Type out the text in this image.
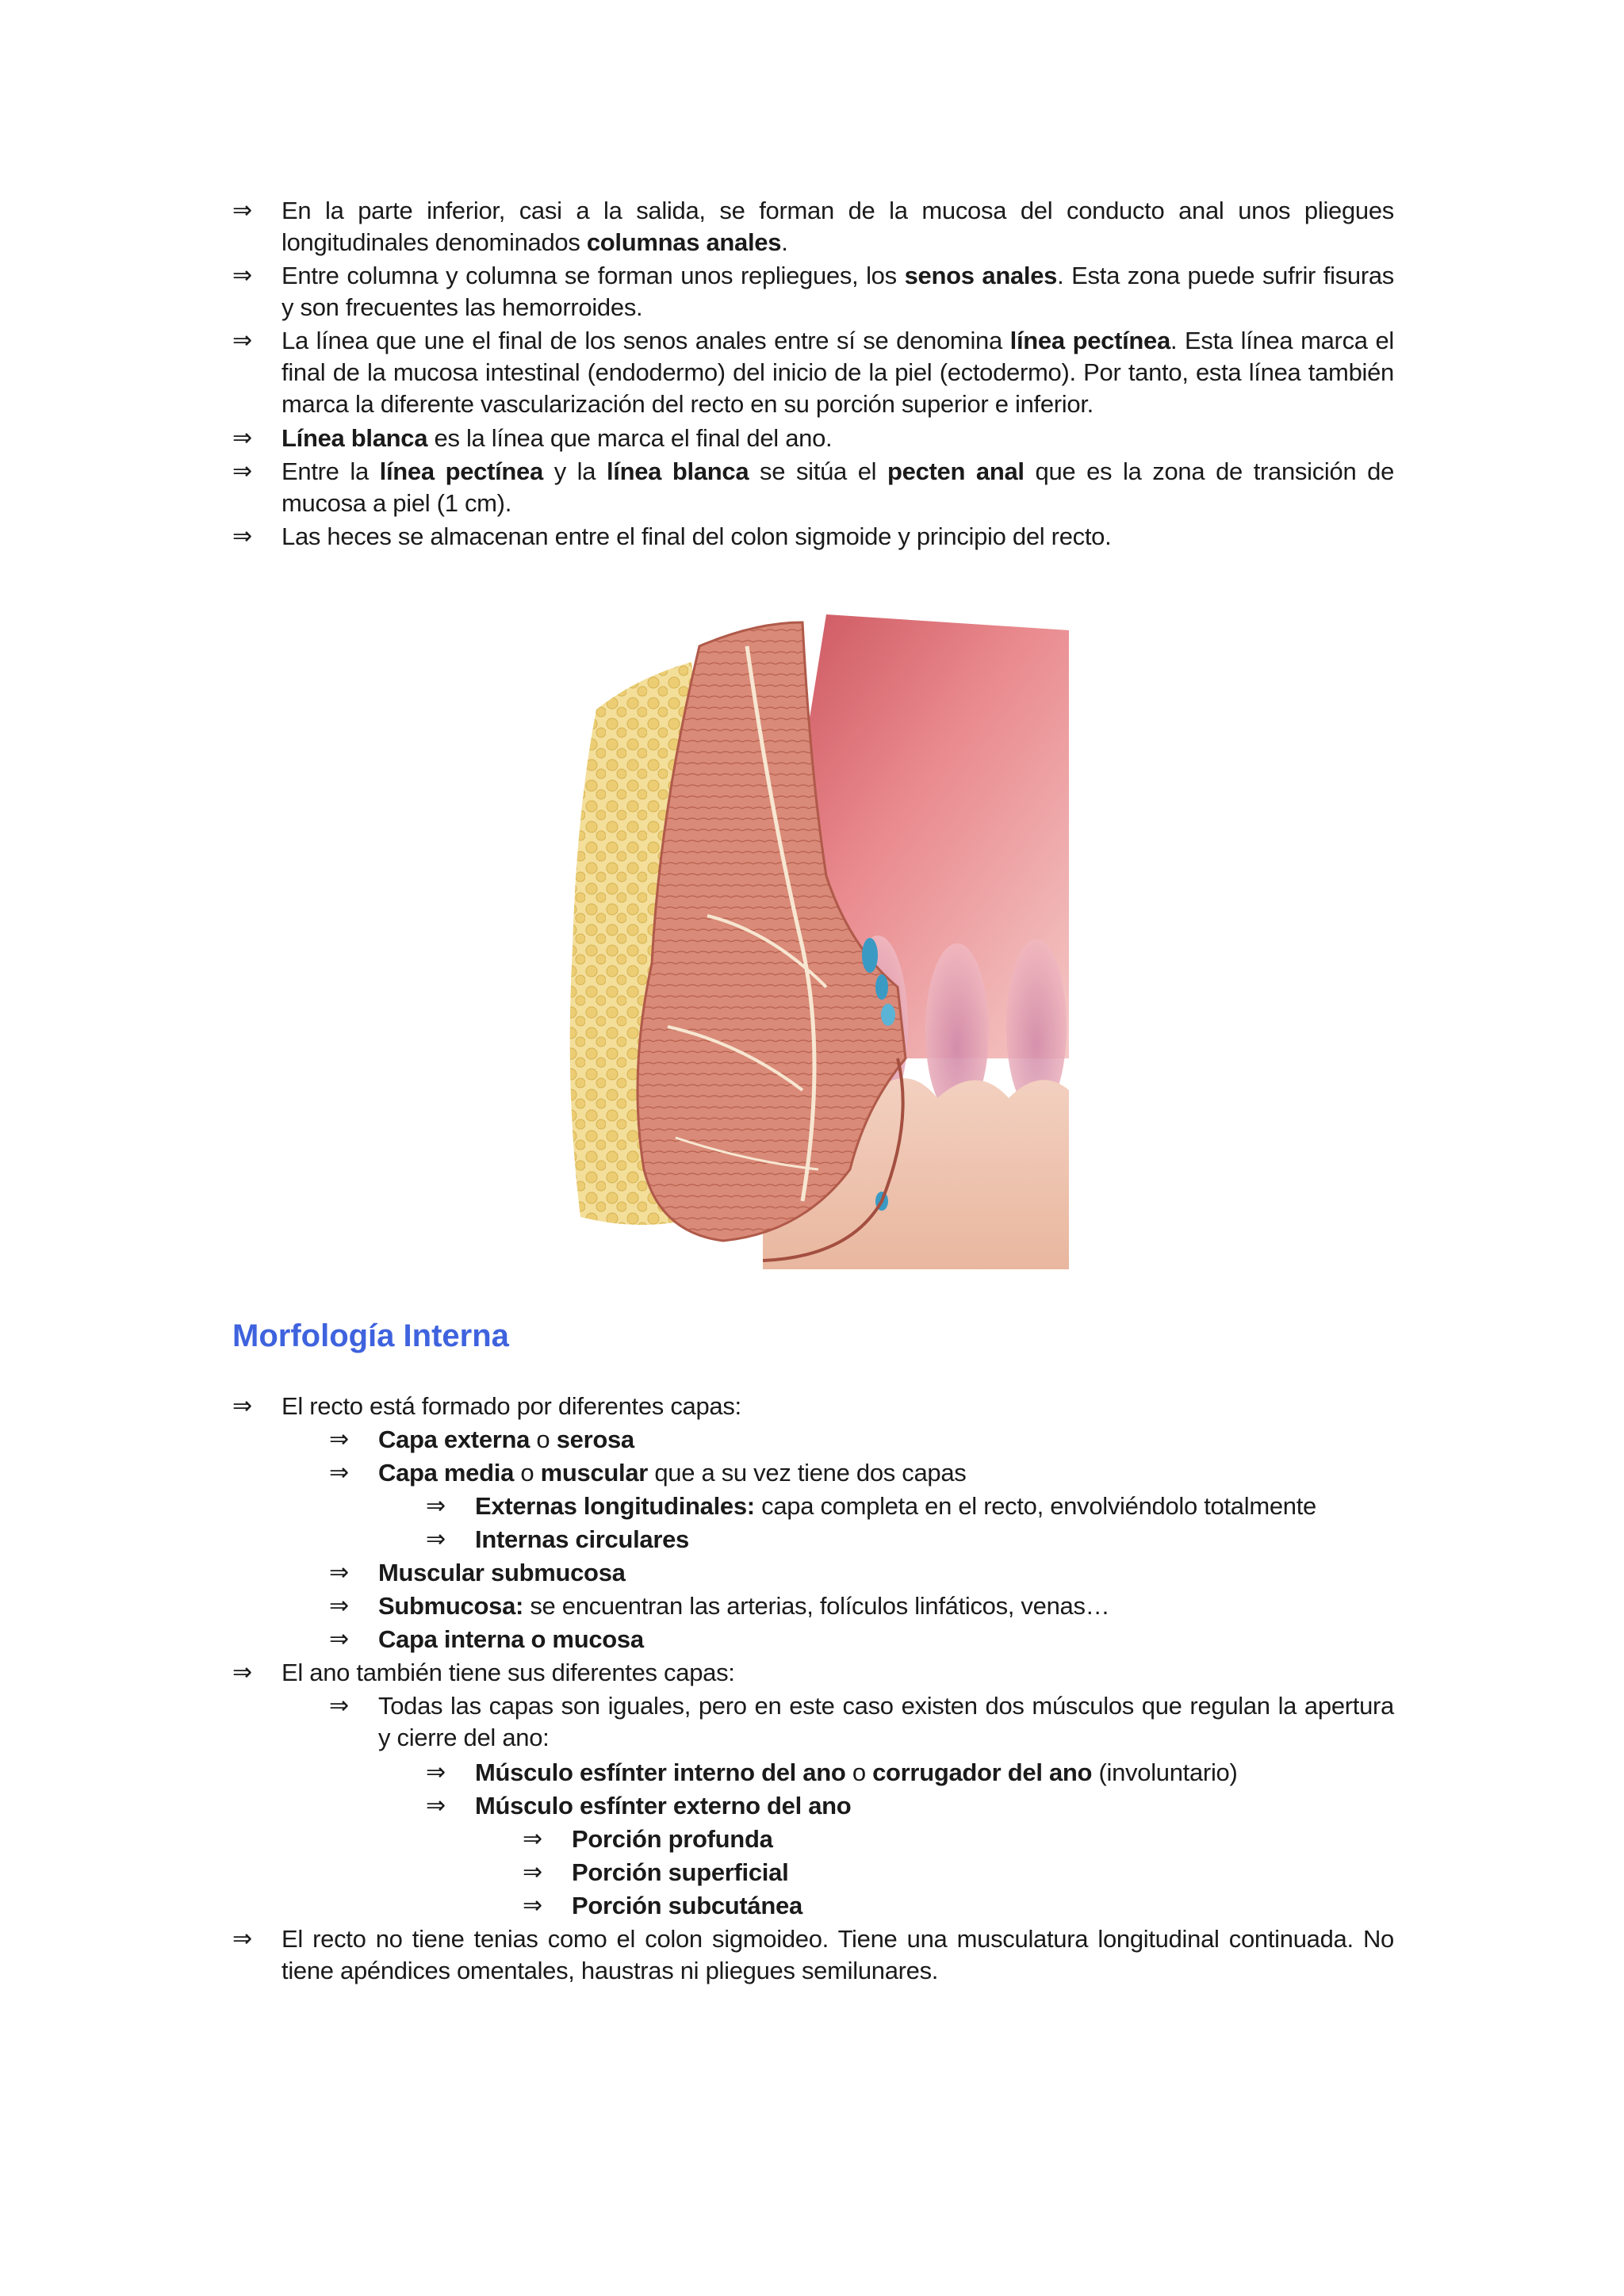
⇒	En la parte inferior, casi a la salida, se forman de la mucosa del conducto anal unos pliegues longitudinales denominados columnas anales.
⇒	Entre columna y columna se forman unos repliegues, los senos anales. Esta zona puede sufrir fisuras y son frecuentes las hemorroides.
⇒	La línea que une el final de los senos anales entre sí se denomina línea pectínea. Esta línea marca el final de la mucosa intestinal (endodermo) del inicio de la piel (ectodermo). Por tanto, esta línea también marca la diferente vascularización del recto en su porción superior e inferior.
⇒	Línea blanca es la línea que marca el final del ano.
⇒	Entre la línea pectínea y la línea blanca se sitúa el pecten anal que es la zona de transición de mucosa a piel (1 cm).
⇒	Las heces se almacenan entre el final del colon sigmoide y principio del recto.
Morfología Interna
⇒	El recto está formado por diferentes capas:
⇒	Capa externa o serosa
⇒	Capa media o muscular que a su vez tiene dos capas
⇒	Externas longitudinales: capa completa en el recto, envolviéndolo totalmente
⇒	Internas circulares
⇒	Muscular submucosa
⇒	Submucosa: se encuentran las arterias, folículos linfáticos, venas…
⇒	Capa interna o mucosa
⇒	El ano también tiene sus diferentes capas:
⇒	Todas las capas son iguales, pero en este caso existen dos músculos que regulan la apertura y cierre del ano:
⇒	Músculo esfínter interno del ano o corrugador del ano (involuntario)
⇒	Músculo esfínter externo del ano
⇒	Porción profunda
⇒	Porción superficial
⇒	Porción subcutánea
⇒	El recto no tiene tenias como el colon sigmoideo. Tiene una musculatura longitudinal continuada. No tiene apéndices omentales, haustras ni pliegues semilunares.
